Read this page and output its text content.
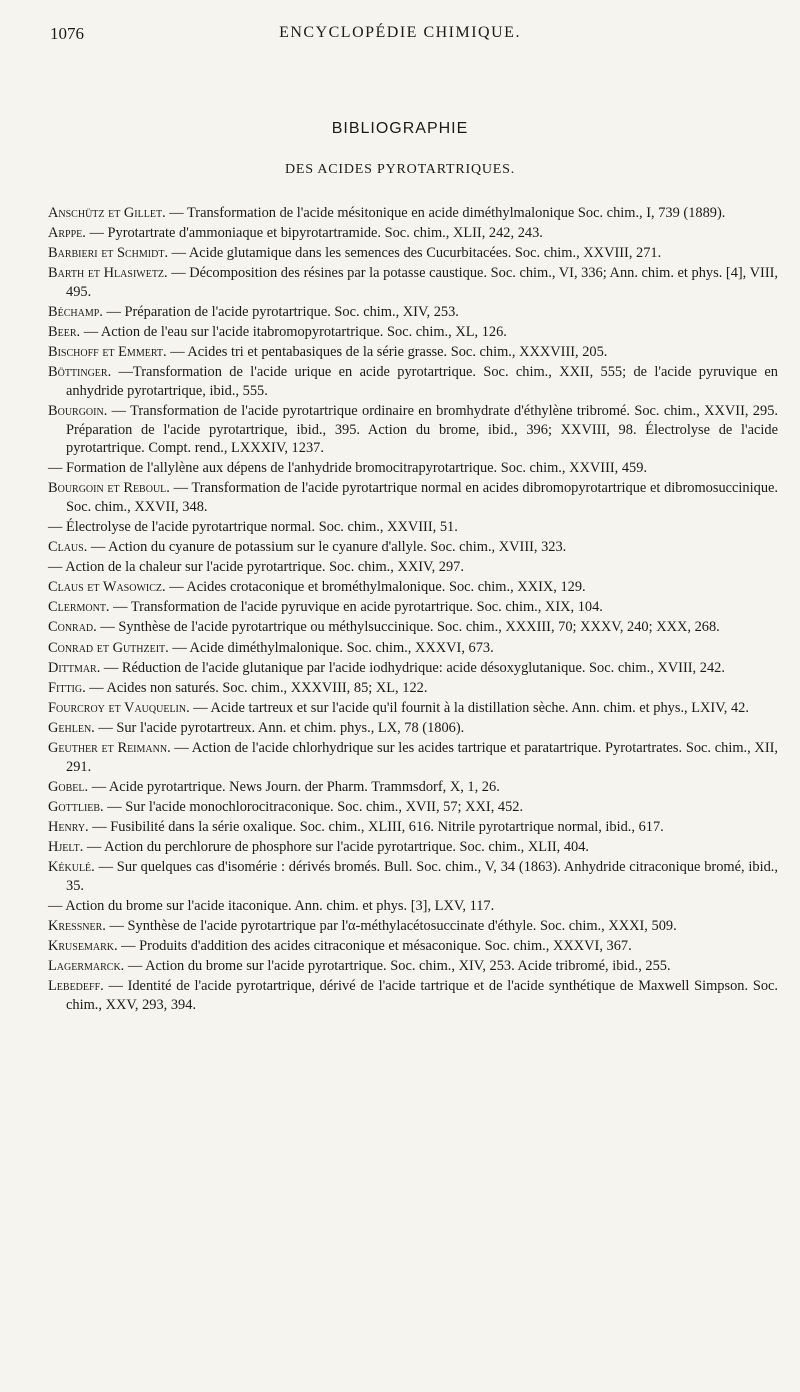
1076	ENCYCLOPÉDIE CHIMIQUE.
BIBLIOGRAPHIE
DES ACIDES PYROTARTRIQUES.

Anschütz et Gillet. — Transformation de l'acide mésitonique en acide diméthylmalonique Soc. chim., I, 739 (1889).

Arppe. — Pyrotartrate d'ammoniaque et bipyrotartramide. Soc. chim., XLII, 242, 243.

Barbieri et Schmidt. — Acide glutamique dans les semences des Cucurbitacées. Soc. chim., XXVIII, 271.

Barth et Hlasiwetz. — Décomposition des résines par la potasse caustique. Soc. chim., VI, 336; Ann. chim. et phys. [4], VIII, 495.

Béchamp. — Préparation de l'acide pyrotartrique. Soc. chim., XIV, 253.

Beer. — Action de l'eau sur l'acide itabromopyrotartrique. Soc. chim., XL, 126.

Bischoff et Emmert. — Acides tri et pentabasiques de la série grasse. Soc. chim., XXXVIII, 205.

Böttinger. —Transformation de l'acide urique en acide pyrotartrique. Soc. chim., XXII, 555; de l'acide pyruvique en anhydride pyrotartrique, ibid., 555.

Bourgoin. — Transformation de l'acide pyrotartrique ordinaire en bromhydrate d'éthylène tribromé. Soc. chim., XXVII, 295. Préparation de l'acide pyrotartrique, ibid., 395. Action du brome, ibid., 396; XXVIII, 98. Électrolyse de l'acide pyrotartrique. Compt. rend., LXXXIV, 1237.

— Formation de l'allylène aux dépens de l'anhydride bromocitrapyrotartrique. Soc. chim., XXVIII, 459.

Bourgoin et Reboul. — Transformation de l'acide pyrotartrique normal en acides dibromopyrotartrique et dibromosuccinique. Soc. chim., XXVII, 348.

— Électrolyse de l'acide pyrotartrique normal. Soc. chim., XXVIII, 51.

Claus. — Action du cyanure de potassium sur le cyanure d'allyle. Soc. chim., XVIII, 323.

— Action de la chaleur sur l'acide pyrotartrique. Soc. chim., XXIV, 297.

Claus et Wasowicz. — Acides crotaconique et brométhylmalonique. Soc. chim., XXIX, 129.

Clermont. — Transformation de l'acide pyruvique en acide pyrotartrique. Soc. chim., XIX, 104.

Conrad. — Synthèse de l'acide pyrotartrique ou méthylsuccinique. Soc. chim., XXXIII, 70; XXXV, 240; XXX, 268.

Conrad et Guthzeit. — Acide diméthylmalonique. Soc. chim., XXXVI, 673.

Dittmar. — Réduction de l'acide glutanique par l'acide iodhydrique: acide désoxyglutanique. Soc. chim., XVIII, 242.

Fittig. — Acides non saturés. Soc. chim., XXXVIII, 85; XL, 122.

Fourcroy et Vauquelin. — Acide tartreux et sur l'acide qu'il fournit à la distillation sèche. Ann. chim. et phys., LXIV, 42.

Gehlen. — Sur l'acide pyrotartreux. Ann. et chim. phys., LX, 78 (1806).

Geuther et Reimann. — Action de l'acide chlorhydrique sur les acides tartrique et paratartrique. Pyrotartrates. Soc. chim., XII, 291.

Gobel. — Acide pyrotartrique. News Journ. der Pharm. Trammsdorf, X, 1, 26.

Gottlieb. — Sur l'acide monochlorocitraconique. Soc. chim., XVII, 57; XXI, 452.

Henry. — Fusibilité dans la série oxalique. Soc. chim., XLIII, 616. Nitrile pyrotartrique normal, ibid., 617.

Hjelt. — Action du perchlorure de phosphore sur l'acide pyrotartrique. Soc. chim., XLII, 404.

Kékulé. — Sur quelques cas d'isomérie : dérivés bromés. Bull. Soc. chim., V, 34 (1863). Anhydride citraconique bromé, ibid., 35.

— Action du brome sur l'acide itaconique. Ann. chim. et phys. [3], LXV, 117.

Kressner. — Synthèse de l'acide pyrotartrique par l'α-méthylacétosuccinate d'éthyle. Soc. chim., XXXI, 509.

Krusemark. — Produits d'addition des acides citraconique et mésaconique. Soc. chim., XXXVI, 367.

Lagermarck. — Action du brome sur l'acide pyrotartrique. Soc. chim., XIV, 253. Acide tribromé, ibid., 255.

Lebedeff. — Identité de l'acide pyrotartrique, dérivé de l'acide tartrique et de l'acide synthétique de Maxwell Simpson. Soc. chim., XXV, 293, 394.
